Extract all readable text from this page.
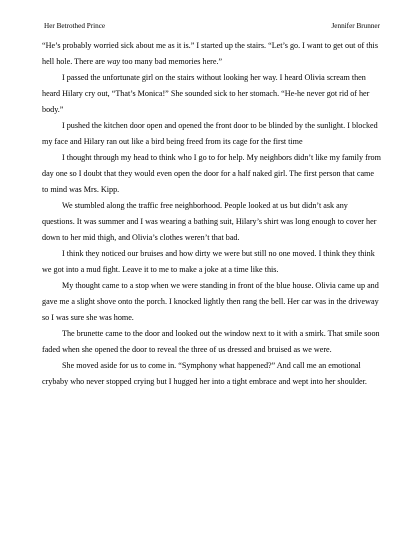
Her Betrothed Prince	Jennifer Brunner

“He’s probably worried sick about me as it is.” I started up the stairs. “Let’s go. I want to get out of this hell hole. There are way too many bad memories here.”

I passed the unfortunate girl on the stairs without looking her way. I heard Olivia scream then heard Hilary cry out, “That’s Monica!” She sounded sick to her stomach. “He-he never got rid of her body.”

I pushed the kitchen door open and opened the front door to be blinded by the sunlight. I blocked my face and Hilary ran out like a bird being freed from its cage for the first time

I thought through my head to think who I go to for help. My neighbors didn’t like my family from day one so I doubt that they would even open the door for a half naked girl. The first person that came to mind was Mrs. Kipp.

We stumbled along the traffic free neighborhood. People looked at us but didn’t ask any questions. It was summer and I was wearing a bathing suit, Hilary’s shirt was long enough to cover her down to her mid thigh, and Olivia’s clothes weren’t that bad.

I think they noticed our bruises and how dirty we were but still no one moved. I think they think we got into a mud fight. Leave it to me to make a joke at a time like this.

My thought came to a stop when we were standing in front of the blue house. Olivia came up and gave me a slight shove onto the porch. I knocked lightly then rang the bell. Her car was in the driveway so I was sure she was home.

The brunette came to the door and looked out the window next to it with a smirk. That smile soon faded when she opened the door to reveal the three of us dressed and bruised as we were.

She moved aside for us to come in. “Symphony what happened?” And call me an emotional crybaby who never stopped crying but I hugged her into a tight embrace and wept into her shoulder.
